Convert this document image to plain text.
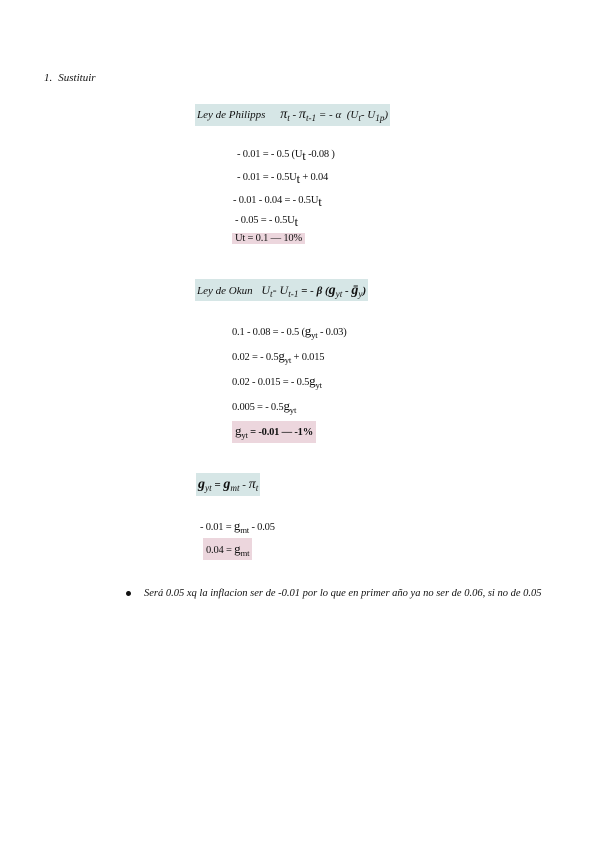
1. Sustituir
Ley de Philipps $\pi_t - \pi_{t-1}$ = - α ($U_t-$ $U_{1p}$)
- 0.01 = - 0.5 ($U_t$ -0.08 )
- 0.01 = - $0.5U_t + 0.04$
- 0.01 - 0.04 = - $0.5U_t$
- 0.05 = - $0.5U_t$
Ut = 0.1 — 10%
Ley de Okun $U_t-$ $U_{t-1}$ = - β ($g_{yt}$ - ḡ$_y$)
0.1 - 0.08 = - 0.5 $(g_{yt} - 0.03)$
0.02 = - $0.5g_{yt} + 0.015$
0.02 - 0.015 = - $0.5g_{yt}$
0.005 = - $0.5g_{yt}$
$g_{yt} = -0.01$ — -1%
$g_{yt} = g_{mt} - \pi_t$
- $0.01 = g_{mt} - 0.05$
$0.04 = g_{mt}$
Será 0.05 xq la inflacion ser de -0.01 por lo que en primer año ya no ser de 0.06, si no de 0.05
